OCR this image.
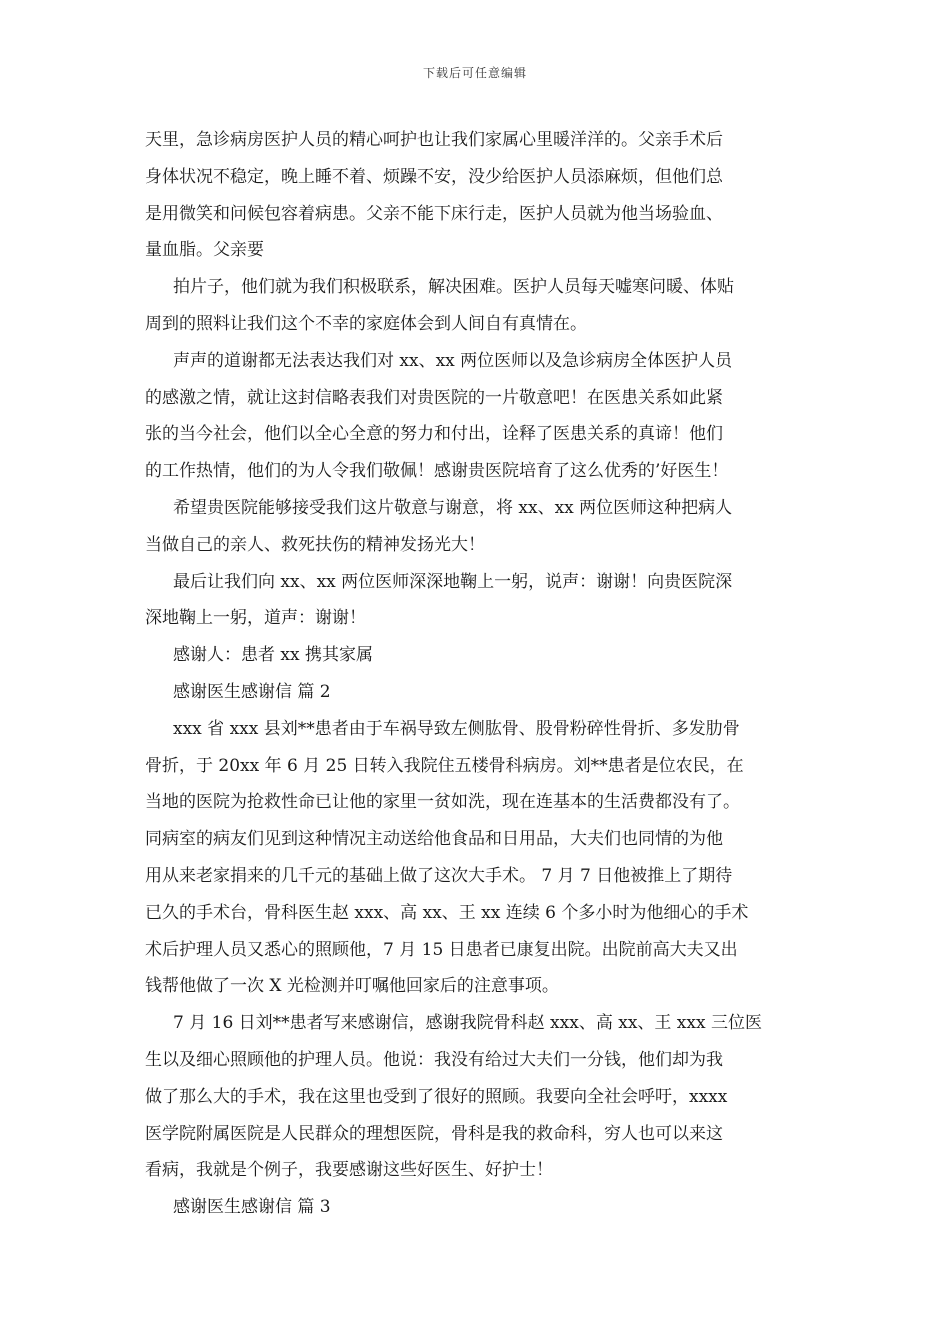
下载后可任意编辑
天里，急诊病房医护人员的精心呵护也让我们家属心里暖洋洋的。父亲手术后
身体状况不稳定，晚上睡不着、烦躁不安，没少给医护人员添麻烦，但他们总
是用微笑和问候包容着病患。父亲不能下床行走，医护人员就为他当场验血、
量血脂。父亲要
拍片子，他们就为我们积极联系，解决困难。医护人员每天嘘寒问暖、体贴
周到的照料让我们这个不幸的家庭体会到人间自有真情在。
声声的道谢都无法表达我们对 xx、xx 两位医师以及急诊病房全体医护人员
的感激之情，就让这封信略表我们对贵医院的一片敬意吧！在医患关系如此紧
张的当今社会，他们以全心全意的努力和付出，诠释了医患关系的真谛！他们
的工作热情，他们的为人令我们敬佩！感谢贵医院培育了这么优秀的’好医生！
希望贵医院能够接受我们这片敬意与谢意，将 xx、xx 两位医师这种把病人
当做自己的亲人、救死扶伤的精神发扬光大！
最后让我们向 xx、xx 两位医师深深地鞠上一躬，说声：谢谢！向贵医院深
深地鞠上一躬，道声：谢谢！
感谢人：患者 xx 携其家属
感谢医生感谢信 篇 2
xxx 省 xxx 县刘**患者由于车祸导致左侧肱骨、股骨粉碎性骨折、多发肋骨
骨折，于 20xx 年 6 月 25 日转入我院住五楼骨科病房。刘**患者是位农民，在
当地的医院为抢救性命已让他的家里一贫如洗，现在连基本的生活费都没有了。
同病室的病友们见到这种情况主动送给他食品和日用品，大夫们也同情的为他
用从来老家捐来的几千元的基础上做了这次大手术。 7 月 7 日他被推上了期待
已久的手术台，骨科医生赵 xxx、高 xx、王 xx 连续 6 个多小时为他细心的手术
术后护理人员又悉心的照顾他，7 月 15 日患者已康复出院。出院前高大夫又出
钱帮他做了一次 X 光检测并叮嘱他回家后的注意事项。
7 月 16 日刘**患者写来感谢信，感谢我院骨科赵 xxx、高 xx、王 xxx 三位医
生以及细心照顾他的护理人员。他说：我没有给过大夫们一分钱，他们却为我
做了那么大的手术，我在这里也受到了很好的照顾。我要向全社会呼吁，xxxx
医学院附属医院是人民群众的理想医院，骨科是我的救命科，穷人也可以来这
看病，我就是个例子，我要感谢这些好医生、好护士！
感谢医生感谢信 篇 3
